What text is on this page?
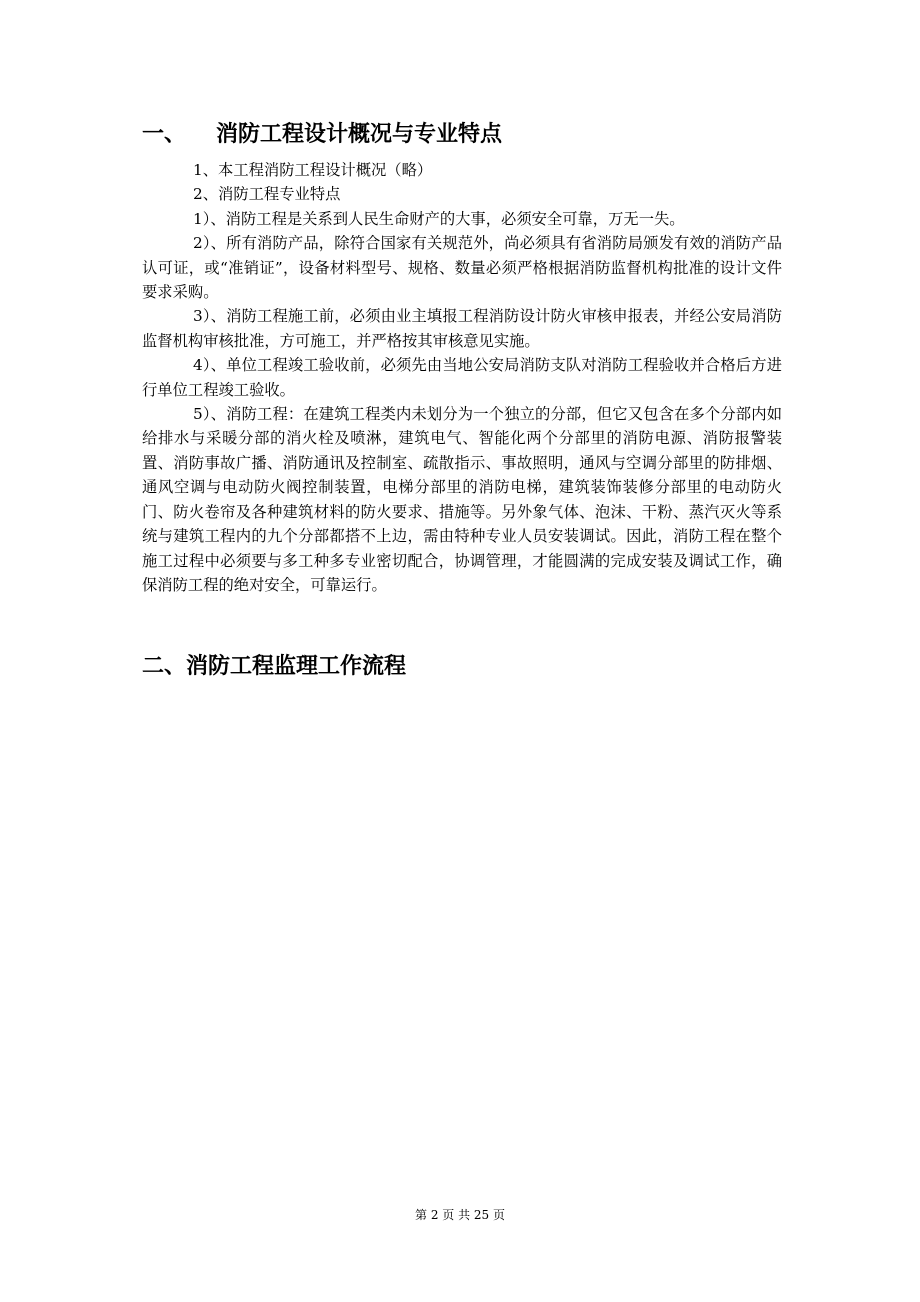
一、 消防工程设计概况与专业特点
1、本工程消防工程设计概况（略）
2、消防工程专业特点

1）、消防工程是关系到人民生命财产的大事，必须安全可靠，万无一失。

2）、所有消防产品，除符合国家有关规范外，尚必须具有省消防局颁发有效的消防产品认可证，或“准销证”，设备材料型号、规格、数量必须严格根据消防监督机构批准的设计文件要求采购。

3）、消防工程施工前，必须由业主填报工程消防设计防火审核申报表，并经公安局消防监督机构审核批准，方可施工，并严格按其审核意见实施。

4）、单位工程竣工验收前，必须先由当地公安局消防支队对消防工程验收并合格后方进行单位工程竣工验收。

5）、消防工程：在建筑工程类内未划分为一个独立的分部，但它又包含在多个分部内如给排水与采暖分部的消火栓及喷淋，建筑电气、智能化两个分部里的消防电源、消防报警装置、消防事故广播、消防通讯及控制室、疏散指示、事故照明，通风与空调分部里的防排烟、通风空调与电动防火阀控制装置，电梯分部里的消防电梯，建筑装饰装修分部里的电动防火门、防火卷帘及各种建筑材料的防火要求、措施等。另外象气体、泡沫、干粉、蒸汽灭火等系统与建筑工程内的九个分部都搭不上边，需由特种专业人员安装调试。因此，消防工程在整个施工过程中必须要与多工种多专业密切配合，协调管理，才能圆满的完成安装及调试工作，确保消防工程的绝对安全，可靠运行。

二、消防工程监理工作流程
第 2 页 共 25 页
